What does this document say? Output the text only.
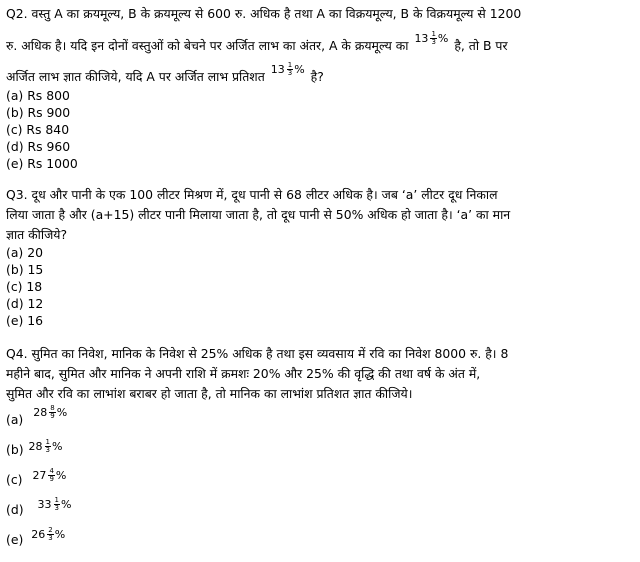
Q2. वस्तु A का क्रयमूल्य, B के क्रयमूल्य से 600 रु. अधिक है तथा A का विक्रयमूल्य, B के विक्रयमूल्य से 1200
रु. अधिक है। यदि इन दोनों वस्तुओं को बेचने पर अर्जित लाभ का अंतर, A के क्रयमूल्य का $13 \frac{1}{3}$ % है, तो B पर
अर्जित लाभ ज्ञात कीजिये, यदि A पर अर्जित लाभ प्रतिशत $13 \frac{1}{3}$ % है?
(a) Rs 800
(b) Rs 900
(c) Rs 840
(d) Rs 960
(e) Rs 1000
Q3. दूध और पानी के एक 100 लीटर मिश्रण में, दूध पानी से 68 लीटर अधिक है। जब ‘a’ लीटर दूध निकाल
लिया जाता है और (a+15) लीटर पानी मिलाया जाता है, तो दूध पानी से 50% अधिक हो जाता है। ‘a’ का मान
ज्ञात कीजिये?
(a) 20
(b) 15
(c) 18
(d) 12
(e) 16
Q4. सुमित का निवेश, मानिक के निवेश से 25% अधिक है तथा इस व्यवसाय में रवि का निवेश 8000 रु. है। 8
महीने बाद, सुमित और मानिक ने अपनी राशि में क्रमशः 20% और 25% की वृद्धि की तथा वर्ष के अंत में,
सुमित और रवि का लाभांश बराबर हो जाता है, तो मानिक का लाभांश प्रतिशत ज्ञात कीजिये।
(a) $28 \frac{8}{9}$ %
(b) $28 \frac{1}{3}$ %
(c) $27 \frac{4}{9}$ %
(d) $33 \frac{1}{3}$ %
(e) $26 \frac{2}{3}$ %
